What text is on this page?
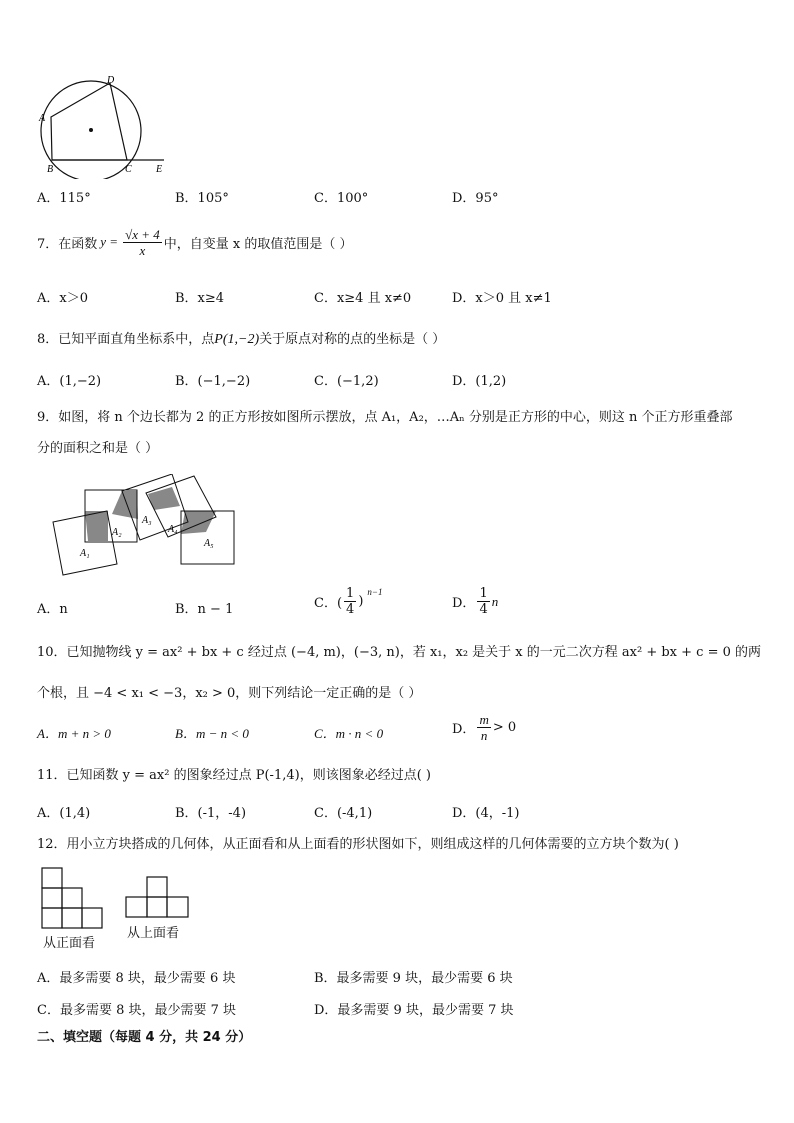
A
D
B	C E
A．115°	B．105°	C．100°	D．95°
7．在函数 $y = \frac{√x + 4}{x}$ 中，自变量 x 的取值范围是（ ）
A．x＞0	B．x≥4	C．x≥4 且 x≠0	D．x＞0 且 x≠1
8．已知平面直角坐标系中，点P(1,−2)关于原点对称的点的坐标是（ ）
A．(1,−2)	B．(−1,−2)	C．(−1,2)	D．(1,2)
9．如图，将 n 个边长都为 2 的正方形按如图所示摆放，点 A₁，A₂，…Aₙ 分别是正方形的中心，则这 n 个正方形重叠部
分的面积之和是（ ）
A₁
A₂
A₃
A₄
A₅
A．n	B．n − 1	C．( $\frac{1}{4}$ )
n−1
D． $\frac{1}{4}$ n
10．已知抛物线 y = ax² + bx + c 经过点 (−4, m)，(−3, n)，若 x₁，x₂ 是关于 x 的一元二次方程 ax² + bx + c = 0 的两
个根，且 −4 < x₁ < −3，x₂ > 0，则下列结论一定正确的是（ ）
A．m + n > 0	B．m − n < 0	C．m · n < 0	D． $\frac{m}{n} > 0$
11．已知函数 y = ax² 的图象经过点 P(-1,4)，则该图象必经过点( )
A．(1,4)	B．(-1，-4)	C．(-4,1)	D．(4，-1)
12．用小立方块搭成的几何体，从正面看和从上面看的形状图如下，则组成这样的几何体需要的立方块个数为( )
从正面看
从上面看
A．最多需要 8 块，最少需要 6 块	B．最多需要 9 块，最少需要 6 块
C．最多需要 8 块，最少需要 7 块	D．最多需要 9 块，最少需要 7 块
二、填空题（每题 4 分，共 24 分）
